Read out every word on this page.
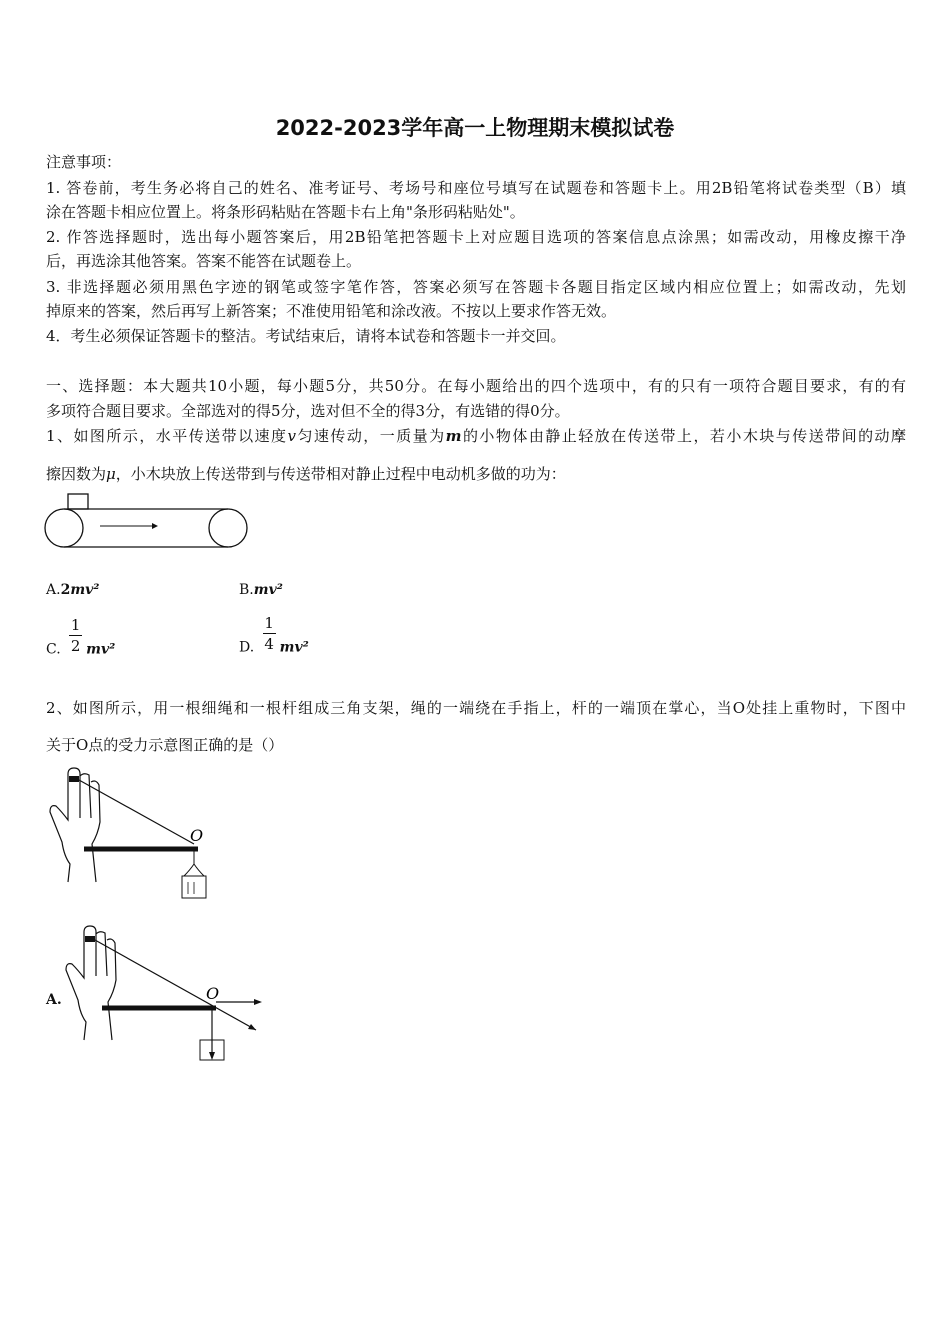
2022-2023学年高一上物理期末模拟试卷
注意事项：
1. 答卷前，考生务必将自己的姓名、准考证号、考场号和座位号填写在试题卷和答题卡上。用2B铅笔将试卷类型（B）填
涂在答题卡相应位置上。将条形码粘贴在答题卡右上角"条形码粘贴处"。
2. 作答选择题时，选出每小题答案后，用2B铅笔把答题卡上对应题目选项的答案信息点涂黑；如需改动，用橡皮擦干净
后，再选涂其他答案。答案不能答在试题卷上。
3. 非选择题必须用黑色字迹的钢笔或签字笔作答，答案必须写在答题卡各题目指定区域内相应位置上；如需改动，先划
掉原来的答案，然后再写上新答案；不准使用铅笔和涂改液。不按以上要求作答无效。
4．考生必须保证答题卡的整洁。考试结束后，请将本试卷和答题卡一并交回。
一、选择题：本大题共10小题，每小题5分，共50分。在每小题给出的四个选项中，有的只有一项符合题目要求，有的有
多项符合题目要求。全部选对的得5分，选对但不全的得3分，有选错的得0分。
1、如图所示，水平传送带以速度v匀速传动，一质量为m的小物体由静止轻放在传送带上，若小木块与传送带间的动摩
擦因数为μ，小木块放上传送带到与传送带相对静止过程中电动机多做的功为：
A.2mv²	B.mv²
C. $\frac{1}{2} mv^2$	D. $\frac{1}{4} mv^2$
2、如图所示，用一根细绳和一根杆组成三角支架，绳的一端绕在手指上，杆的一端顶在掌心，当O处挂上重物时，下图中
关于O点的受力示意图正确的是（）
O
A.	O
